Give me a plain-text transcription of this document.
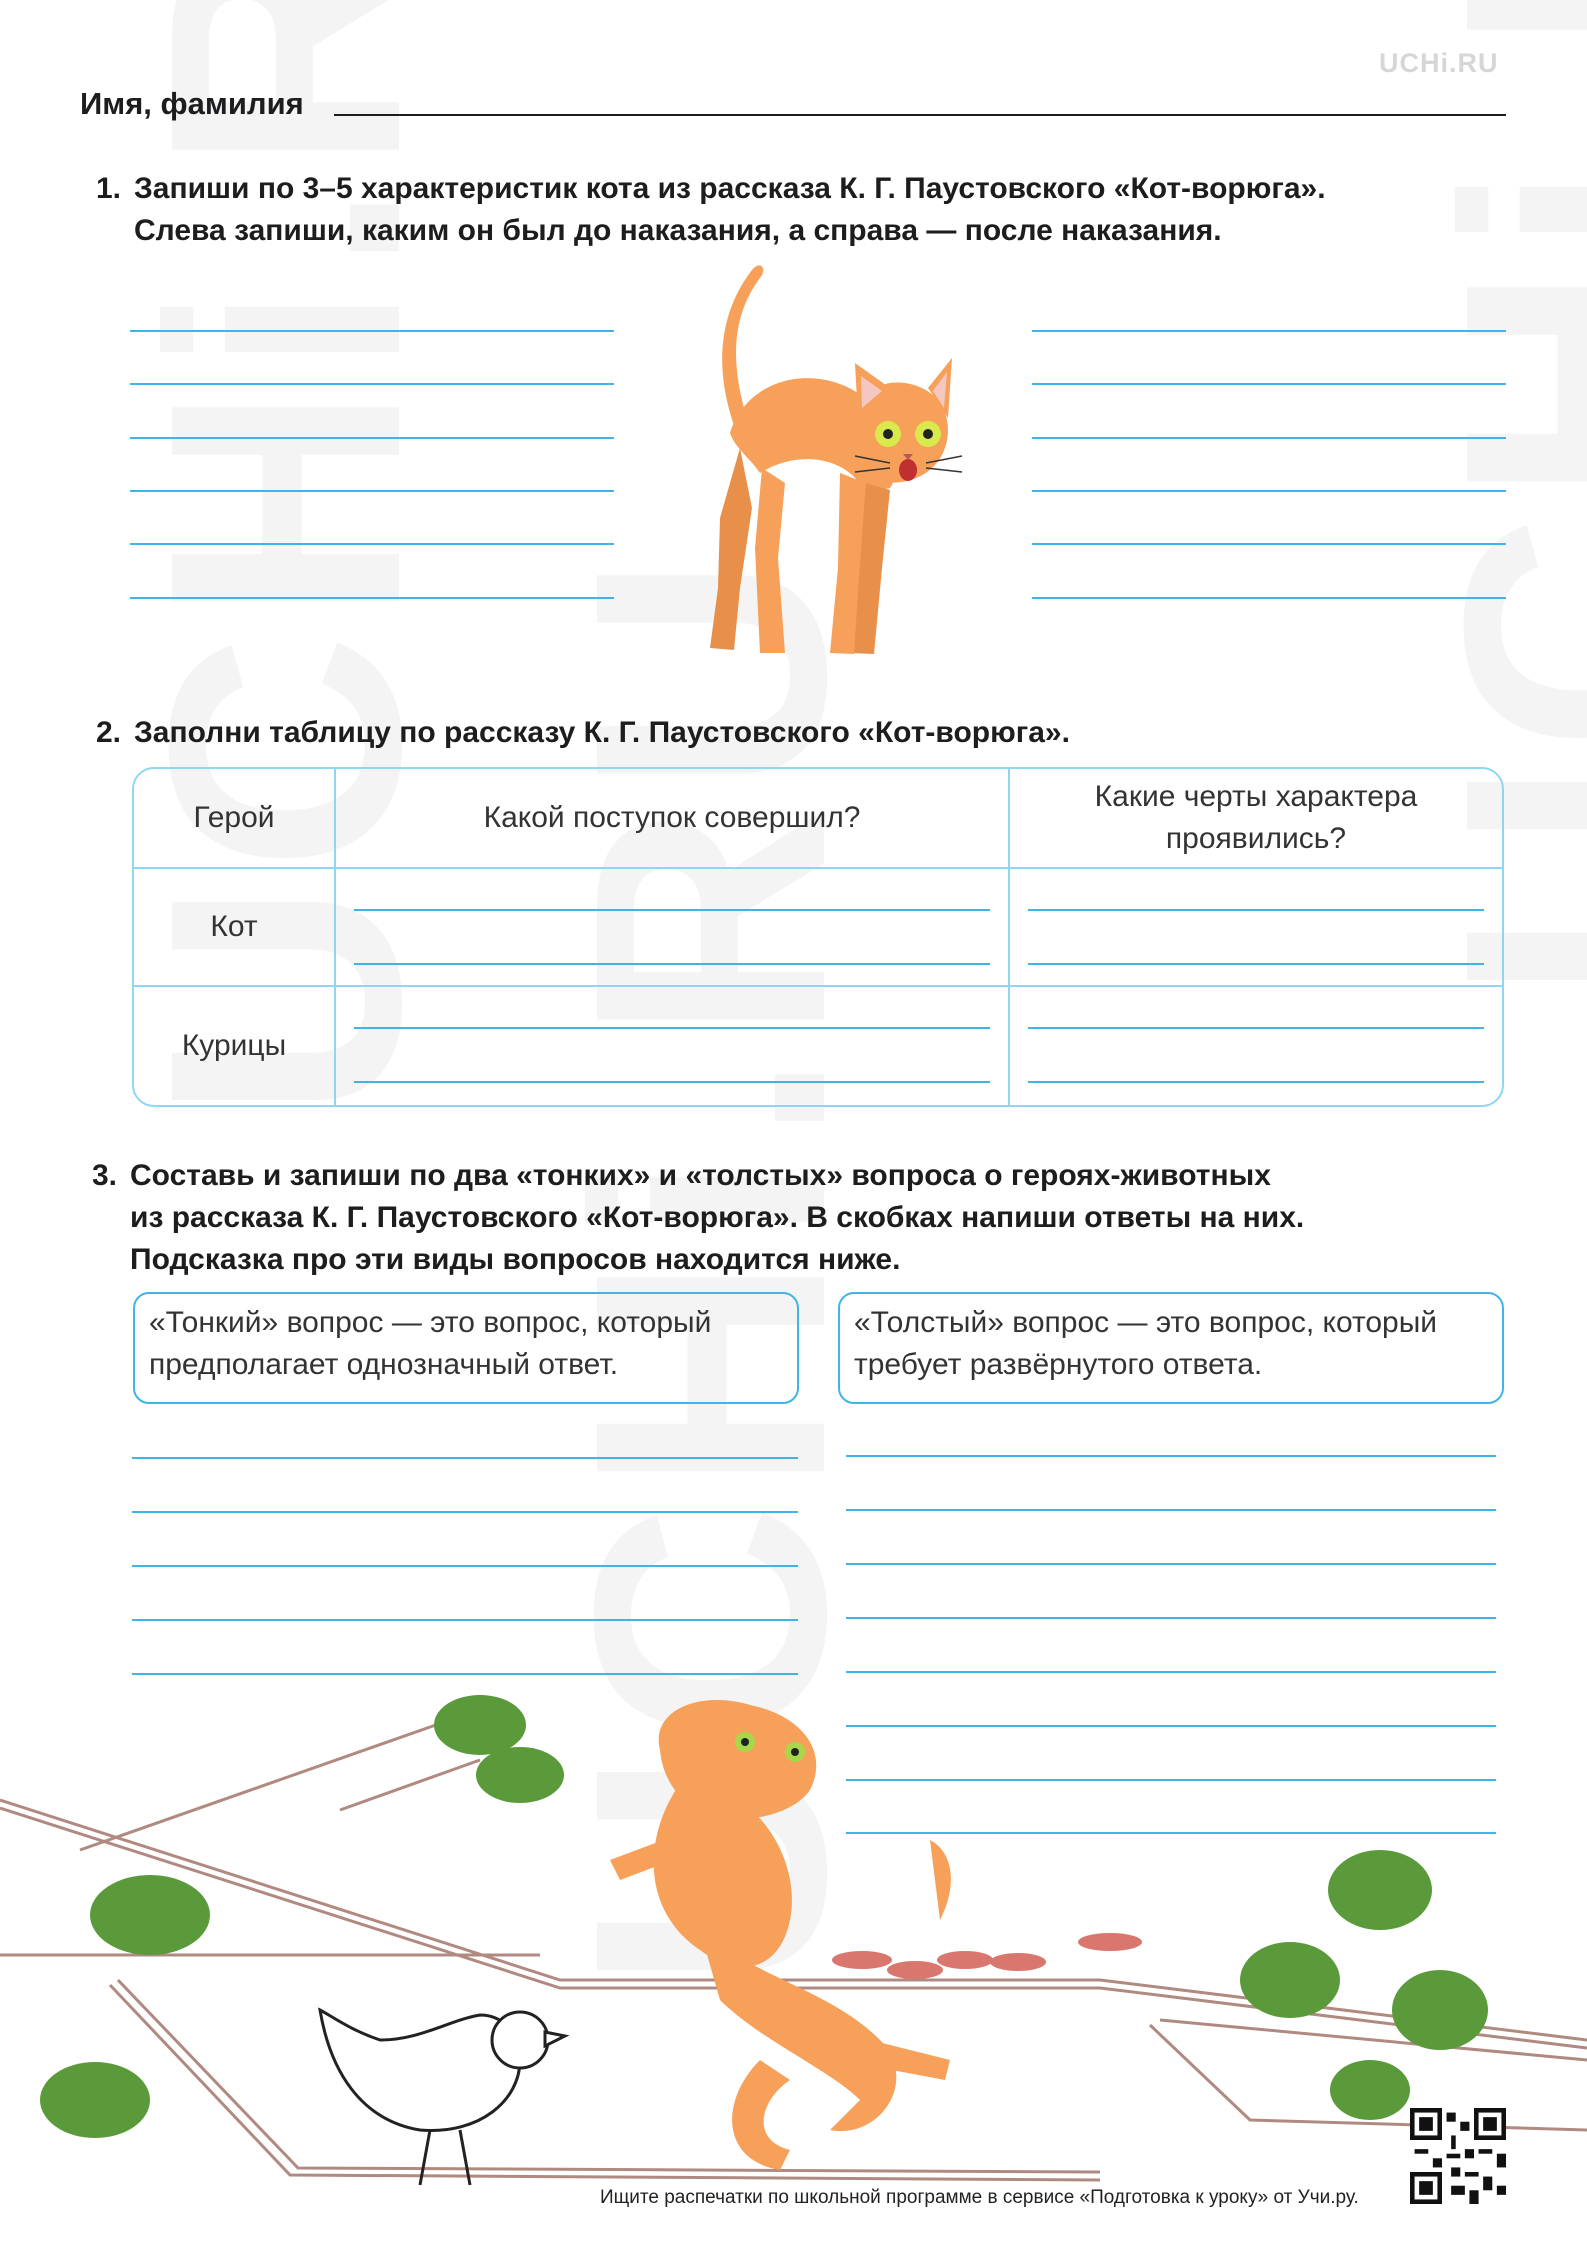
UCHi.RU
Имя, фамилия
1. Запиши по 3–5 характеристик кота из рассказа К. Г. Паустовского «Кот-ворюга».
Слева запиши, каким он был до наказания, а справа — после наказания.
2. Заполни таблицу по рассказу К. Г. Паустовского «Кот-ворюга».
Герой	Какой поступок совершил?	Какие черты характера проявились?
Кот	

Курицы	

3. Составь и запиши по два «тонких» и «толстых» вопроса о героях-животных
из рассказа К. Г. Паустовского «Кот-ворюга». В скобках напиши ответы на них.
Подсказка про эти виды вопросов находится ниже.
«Тонкий» вопрос — это вопрос, который предполагает однозначный ответ.
«Толстый» вопрос — это вопрос, который требует развёрнутого ответа.
Ищите распечатки по школьной программе в сервисе «Подготовка к уроку» от Учи.ру.
